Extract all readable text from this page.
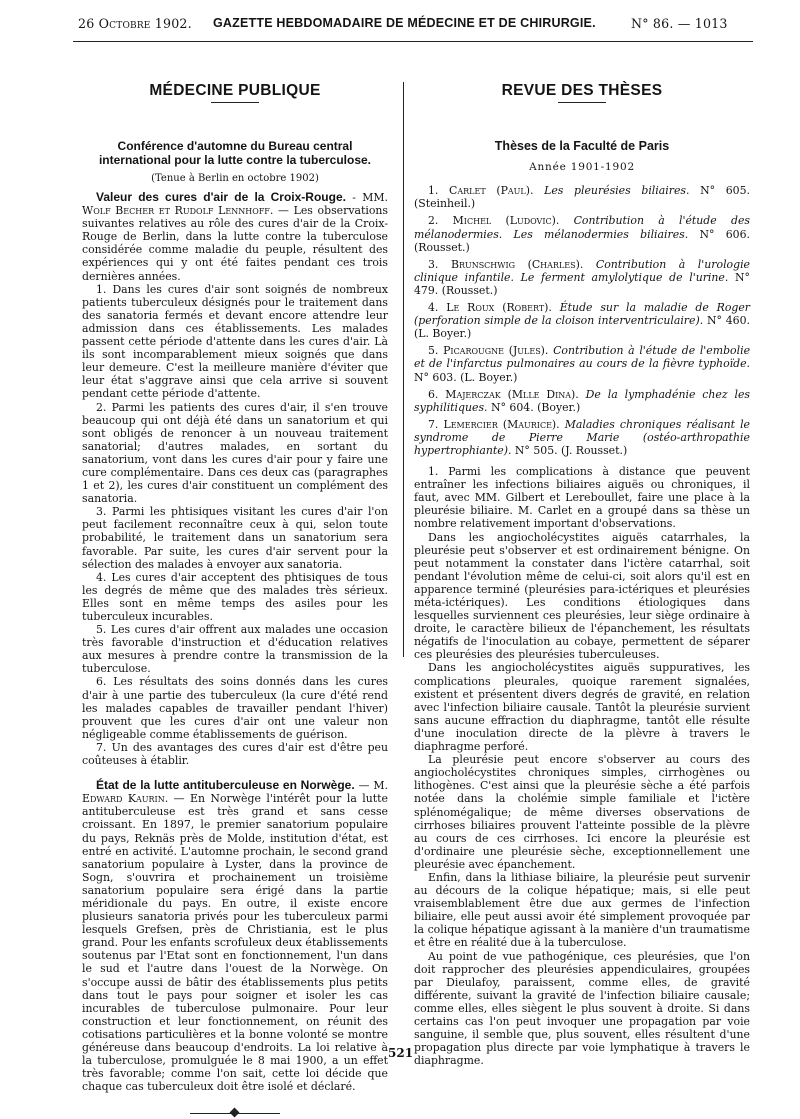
26 Octobre 1902. GAZETTE HEBDOMADAIRE DE MÉDECINE ET DE CHIRURGIE.	N° 86. — 1013
MÉDECINE PUBLIQUE
Conférence d'automne du Bureau central international pour la lutte contre la tuberculose.
(Tenue à Berlin en octobre 1902)

Valeur des cures d'air de la Croix-Rouge. - MM. Wolf Becher et Rudolf Lennhoff. — Les observations suivantes relatives au rôle des cures d'air de la Croix-Rouge de Berlin, dans la lutte contre la tuberculose considérée comme maladie du peuple, résultent des expériences qui y ont été faites pendant ces trois dernières années.

1. Dans les cures d'air sont soignés de nombreux patients tuberculeux désignés pour le traitement dans des sanatoria fermés et devant encore attendre leur admission dans ces établissements. Les malades passent cette période d'attente dans les cures d'air. Là ils sont incomparablement mieux soignés que dans leur demeure. C'est la meilleure manière d'éviter que leur état s'aggrave ainsi que cela arrive si souvent pendant cette période d'attente.

2. Parmi les patients des cures d'air, il s'en trouve beaucoup qui ont déjà été dans un sanatorium et qui sont obligés de renoncer à un nouveau traitement sanatorial; d'autres malades, en sortant du sanatorium, vont dans les cures d'air pour y faire une cure complémentaire. Dans ces deux cas (paragraphes 1 et 2), les cures d'air constituent un complément des sanatoria.

3. Parmi les phtisiques visitant les cures d'air l'on peut facilement reconnaître ceux à qui, selon toute probabilité, le traitement dans un sanatorium sera favorable. Par suite, les cures d'air servent pour la sélection des malades à envoyer aux sanatoria.

4. Les cures d'air acceptent des phtisiques de tous les degrés de même que des malades très sérieux. Elles sont en même temps des asiles pour les tuberculeux incurables.

5. Les cures d'air offrent aux malades une occasion très favorable d'instruction et d'éducation relatives aux mesures à prendre contre la transmission de la tuberculose.

6. Les résultats des soins donnés dans les cures d'air à une partie des tuberculeux (la cure d'été rend les malades capables de travailler pendant l'hiver) prouvent que les cures d'air ont une valeur non négligeable comme établissements de guérison.

7. Un des avantages des cures d'air est d'être peu coûteuses à établir.

État de la lutte antituberculeuse en Norwège. — M. Edward Kaurin. — En Norwège l'intérêt pour la lutte antituberculeuse est très grand et sans cesse croissant. En 1897, le premier sanatorium populaire du pays, Reknäs près de Molde, institution d'état, est entré en activité. L'automne prochain, le second grand sanatorium populaire à Lyster, dans la province de Sogn, s'ouvrira et prochainement un troisième sanatorium populaire sera érigé dans la partie méridionale du pays. En outre, il existe encore plusieurs sanatoria privés pour les tuberculeux parmi lesquels Grefsen, près de Christiania, est le plus grand. Pour les enfants scrofuleux deux établissements soutenus par l'Etat sont en fonctionnement, l'un dans le sud et l'autre dans l'ouest de la Norwège. On s'occupe aussi de bâtir des établissements plus petits dans tout le pays pour soigner et isoler les cas incurables de tuberculose pulmonaire. Pour leur construction et leur fonctionnement, on réunit des cotisations particulières et la bonne volonté se montre généreuse dans beaucoup d'endroits. La loi relative à la tuberculose, promulguée le 8 mai 1900, a un effet très favorable; comme l'on sait, cette loi décide que chaque cas tuberculeux doit être isolé et déclaré.

REVUE DES THÈSES
Thèses de la Faculté de Paris
Année 1901-1902

1. Carlet (Paul). Les pleurésies biliaires. N° 605. (Steinheil.)

2. Michel (Ludovic). Contribution à l'étude des mélanodermies. Les mélanodermies biliaires. N° 606. (Rousset.)

3. Brunschwig (Charles). Contribution à l'urologie clinique infantile. Le ferment amylolytique de l'urine. N° 479. (Rousset.)

4. Le Roux (Robert). Étude sur la maladie de Roger (perforation simple de la cloison interventriculaire). N° 460. (L. Boyer.)

5. Picarougne (Jules). Contribution à l'étude de l'embolie et de l'infarctus pulmonaires au cours de la fièvre typhoïde. N° 603. (L. Boyer.)

6. Majerczak (Mlle Dina). De la lymphadénie chez les syphilitiques. N° 604. (Boyer.)

7. Lemercier (Maurice). Maladies chroniques réalisant le syndrome de Pierre Marie (ostéo-arthropathie hypertrophiante). N° 505. (J. Rousset.)

1. Parmi les complications à distance que peuvent entraîner les infections biliaires aiguës ou chroniques, il faut, avec MM. Gilbert et Lereboullet, faire une place à la pleurésie biliaire. M. Carlet en a groupé dans sa thèse un nombre relativement important d'observations.

Dans les angiocholécystites aiguës catarrhales, la pleurésie peut s'observer et est ordinairement bénigne. On peut notamment la constater dans l'ictère catarrhal, soit pendant l'évolution même de celui-ci, soit alors qu'il est en apparence terminé (pleurésies para-ictériques et pleurésies méta-ictériques). Les conditions étiologiques dans lesquelles surviennent ces pleurésies, leur siège ordinaire à droite, le caractère bilieux de l'épanchement, les résultats négatifs de l'inoculation au cobaye, permettent de séparer ces pleurésies des pleurésies tuberculeuses.

Dans les angiocholécystites aiguës suppuratives, les complications pleurales, quoique rarement signalées, existent et présentent divers degrés de gravité, en relation avec l'infection biliaire causale. Tantôt la pleurésie survient sans aucune effraction du diaphragme, tantôt elle résulte d'une inoculation directe de la plèvre à travers le diaphragme perforé.

La pleurésie peut encore s'observer au cours des angiocholécystites chroniques simples, cirrhogènes ou lithogènes. C'est ainsi que la pleurésie sèche a été parfois notée dans la cholémie simple familiale et l'ictère splénomégalique; de même diverses observations de cirrhoses biliaires prouvent l'atteinte possible de la plèvre au cours de ces cirrhoses. Ici encore la pleurésie est d'ordinaire une pleurésie sèche, exceptionnellement une pleurésie avec épanchement.

Enfin, dans la lithiase biliaire, la pleurésie peut survenir au décours de la colique hépatique; mais, si elle peut vraisemblablement être due aux germes de l'infection biliaire, elle peut aussi avoir été simplement provoquée par la colique hépatique agissant à la manière d'un traumatisme et être en réalité due à la tuberculose.

Au point de vue pathogénique, ces pleurésies, que l'on doit rapprocher des pleurésies appendiculaires, groupées par Dieulafoy, paraissent, comme elles, de gravité différente, suivant la gravité de l'infection biliaire causale; comme elles, elles siègent le plus souvent à droite. Si dans certains cas l'on peut invoquer une propagation par voie sanguine, il semble que, plus souvent, elles résultent d'une propagation plus directe par voie lymphatique à travers le diaphragme.

521
